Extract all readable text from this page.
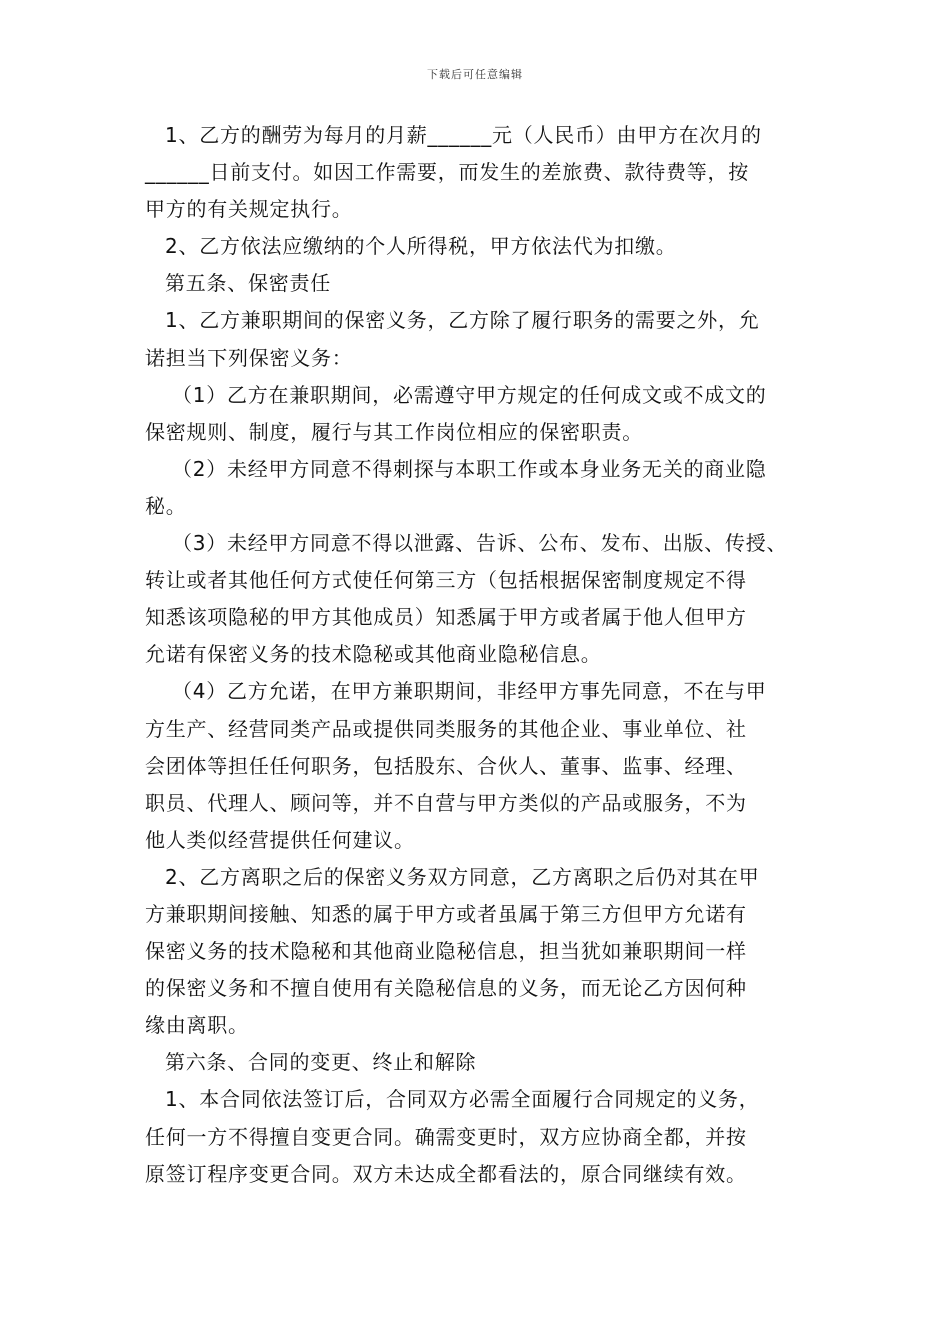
下载后可任意编辑
1、乙方的酬劳为每月的月薪______元（人民币）由甲方在次月的
______日前支付。如因工作需要，而发生的差旅费、款待费等，按
甲方的有关规定执行。
2、乙方依法应缴纳的个人所得税，甲方依法代为扣缴。
第五条、保密责任
1、乙方兼职期间的保密义务，乙方除了履行职务的需要之外，允
诺担当下列保密义务：
（1）乙方在兼职期间，必需遵守甲方规定的任何成文或不成文的
保密规则、制度，履行与其工作岗位相应的保密职责。
（2）未经甲方同意不得刺探与本职工作或本身业务无关的商业隐
秘。
（3）未经甲方同意不得以泄露、告诉、公布、发布、出版、传授、
转让或者其他任何方式使任何第三方（包括根据保密制度规定不得
知悉该项隐秘的甲方其他成员）知悉属于甲方或者属于他人但甲方
允诺有保密义务的技术隐秘或其他商业隐秘信息。
（4）乙方允诺，在甲方兼职期间，非经甲方事先同意，不在与甲
方生产、经营同类产品或提供同类服务的其他企业、事业单位、社
会团体等担任任何职务，包括股东、合伙人、董事、监事、经理、
职员、代理人、顾问等，并不自营与甲方类似的产品或服务，不为
他人类似经营提供任何建议。
2、乙方离职之后的保密义务双方同意，乙方离职之后仍对其在甲
方兼职期间接触、知悉的属于甲方或者虽属于第三方但甲方允诺有
保密义务的技术隐秘和其他商业隐秘信息，担当犹如兼职期间一样
的保密义务和不擅自使用有关隐秘信息的义务，而无论乙方因何种
缘由离职。
第六条、合同的变更、终止和解除
1、本合同依法签订后，合同双方必需全面履行合同规定的义务，
任何一方不得擅自变更合同。确需变更时，双方应协商全都，并按
原签订程序变更合同。双方未达成全都看法的，原合同继续有效。
